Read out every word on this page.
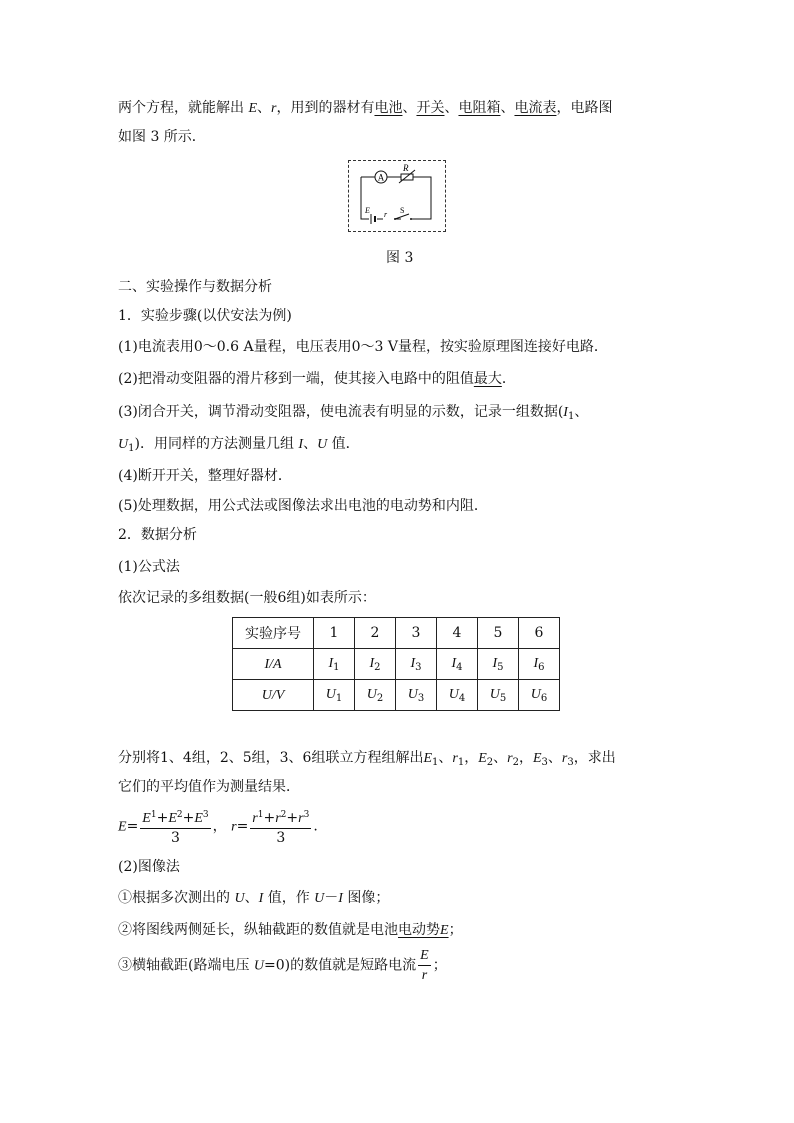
两个方程，就能解出 E、r，用到的器材有电池、开关、电阻箱、电流表，电路图
如图 3 所示．
A
R
E r S
图 3
二、实验操作与数据分析
1．实验步骤(以伏安法为例)
(1)电流表用0～0.6 A量程，电压表用0～3 V量程，按实验原理图连接好电路．
(2)把滑动变阻器的滑片移到一端，使其接入电路中的阻值最大．
(3)闭合开关，调节滑动变阻器，使电流表有明显的示数，记录一组数据($I_1$、
$U_1$)．用同样的方法测量几组 I、U 值．
(4)断开开关，整理好器材．
(5)处理数据，用公式法或图像法求出电池的电动势和内阻．
2．数据分析
(1)公式法
依次记录的多组数据(一般6组)如表所示：
实验序号	1	2	3	4	5	6
I/A	$I_1$	$I_2$	$I_3$	$I_4$	$I_5$	$I_6$
U/V	$U_1$	$U_2$	$U_3$	$U_4$	$U_5$	$U_6$
分别将1、4组，2、5组，3、6组联立方程组解出$E_1$、$r_1$，$E_2$、$r_2$，$E_3$、$r_3$，求出
它们的平均值作为测量结果．
$E= \frac{E^1+E^2+E^3}{3}$ ， $r= \frac{r^1+r^2+r^3}{3}$ .
(2)图像法
①根据多次测出的 U、I 值，作 U－I 图像；
②将图线两侧延长，纵轴截距的数值就是电池电动势E；
③横轴截距(路端电压 U=0)的数值就是短路电流 $\frac{E}{r}$ ；
